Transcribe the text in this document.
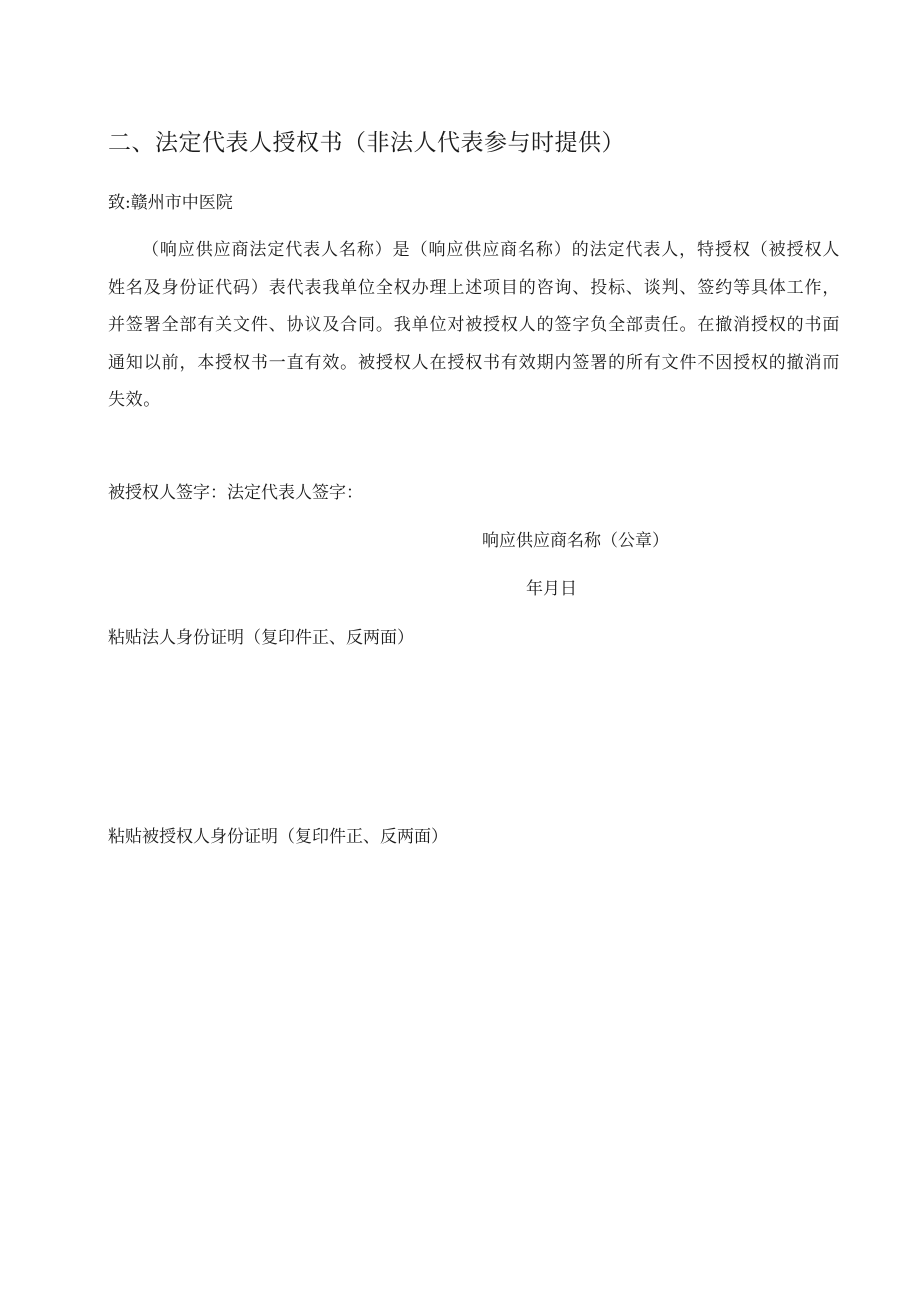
二、法定代表人授权书（非法人代表参与时提供）
致:赣州市中医院
（响应供应商法定代表人名称）是（响应供应商名称）的法定代表人，特授权（被授权人姓名及身份证代码）表代表我单位全权办理上述项目的咨询、投标、谈判、签约等具体工作，并签署全部有关文件、协议及合同。我单位对被授权人的签字负全部责任。在撤消授权的书面通知以前，本授权书一直有效。被授权人在授权书有效期内签署的所有文件不因授权的撤消而失效。
被授权人签字：法定代表人签字：
响应供应商名称（公章）
年月日
粘贴法人身份证明（复印件正、反两面）
粘贴被授权人身份证明（复印件正、反两面）
